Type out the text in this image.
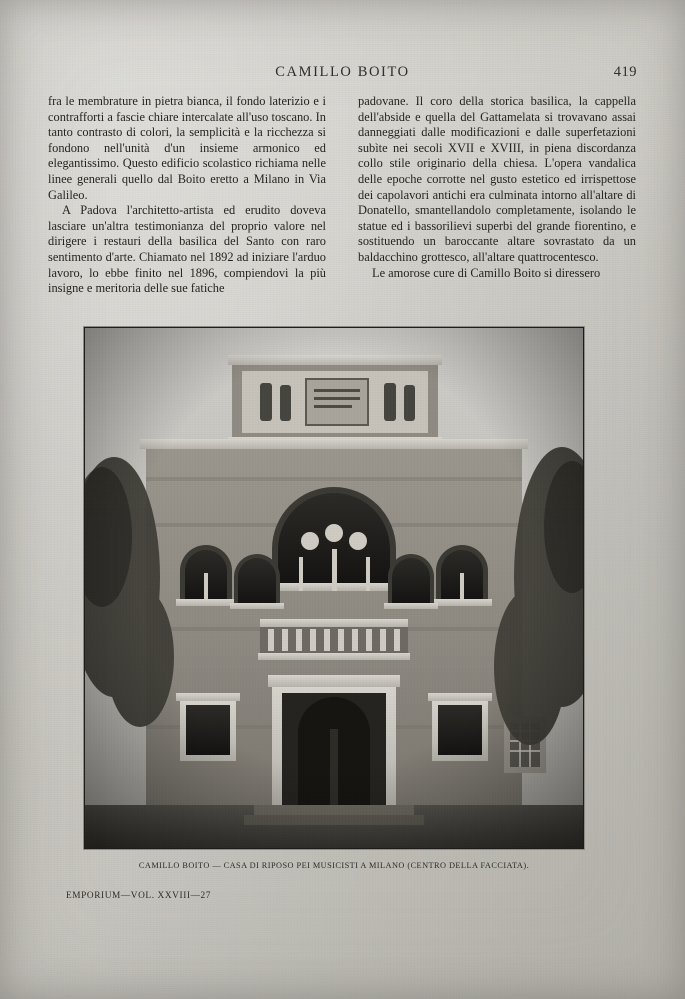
CAMILLO BOITO	419

fra le membrature in pietra bianca, il fondo laterizio e i contrafforti a fascie chiare intercalate all'uso toscano. In tanto contrasto di colori, la semplicità e la ricchezza si fondono nell'unità d'un insieme armonico ed elegantissimo. Questo edificio scolastico richiama nelle linee generali quello dal Boito eretto a Milano in Via Galileo.

A Padova l'architetto-artista ed erudito doveva lasciare un'altra testimonianza del proprio valore nel dirigere i restauri della basilica del Santo con raro sentimento d'arte. Chiamato nel 1892 ad iniziare l'arduo lavoro, lo ebbe finito nel 1896, compiendovi la più insigne e meritoria delle sue fatiche

padovane. Il coro della storica basilica, la cappella dell'abside e quella del Gattamelata si trovavano assai danneggiati dalle modificazioni e dalle superfetazioni subìte nei secoli XVII e XVIII, in piena discordanza collo stile originario della chiesa. L'opera vandalica delle epoche corrotte nel gusto estetico ed irrispettose dei capolavori antichi era culminata intorno all'altare di Donatello, smantellandolo completamente, isolando le statue ed i bassorilievi superbi del grande fiorentino, e sostituendo un baroccante altare sovrastato da un baldacchino grottesco, all'altare quattrocentesco.

Le amorose cure di Camillo Boito si diressero

CAMILLO BOITO — CASA DI RIPOSO PEI MUSICISTI A MILANO (CENTRO DELLA FACCIATA).
EMPORIUM—VOL. XXVIII—27
